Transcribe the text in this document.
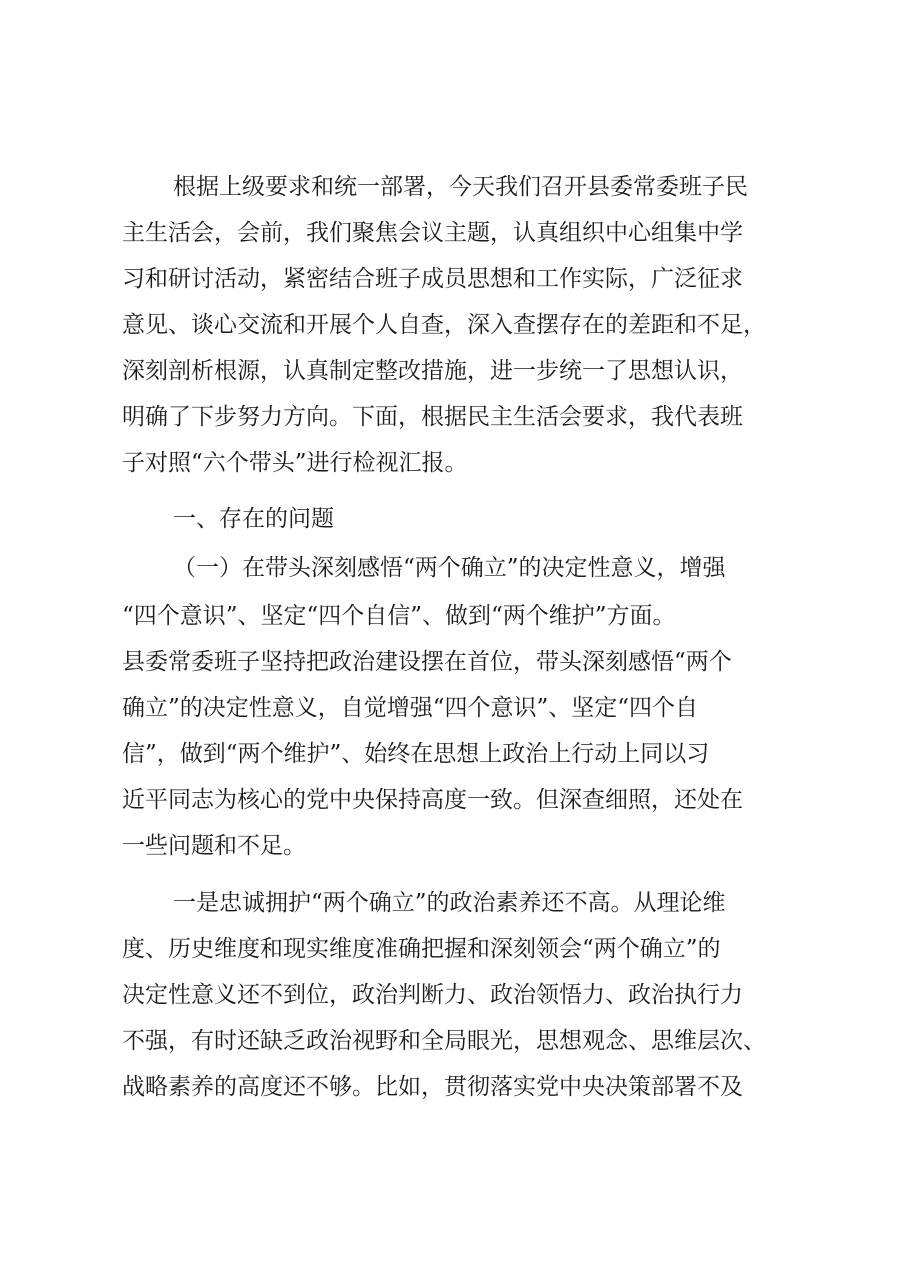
根据上级要求和统一部署，今天我们召开县委常委班子民
主生活会，会前，我们聚焦会议主题，认真组织中心组集中学
习和研讨活动，紧密结合班子成员思想和工作实际，广泛征求
意见、谈心交流和开展个人自查，深入查摆存在的差距和不足，
深刻剖析根源，认真制定整改措施，进一步统一了思想认识，
明确了下步努力方向。下面，根据民主生活会要求，我代表班
子对照“六个带头”进行检视汇报。
一、存在的问题
（一）在带头深刻感悟“两个确立”的决定性意义，增强
“四个意识”、坚定“四个自信”、做到“两个维护”方面。
县委常委班子坚持把政治建设摆在首位，带头深刻感悟“两个
确立”的决定性意义，自觉增强“四个意识”、坚定“四个自
信”，做到“两个维护”、始终在思想上政治上行动上同以习
近平同志为核心的党中央保持高度一致。但深查细照，还处在
一些问题和不足。
一是忠诚拥护“两个确立”的政治素养还不高。从理论维
度、历史维度和现实维度准确把握和深刻领会“两个确立”的
决定性意义还不到位，政治判断力、政治领悟力、政治执行力
不强，有时还缺乏政治视野和全局眼光，思想观念、思维层次、
战略素养的高度还不够。比如，贯彻落实党中央决策部署不及
